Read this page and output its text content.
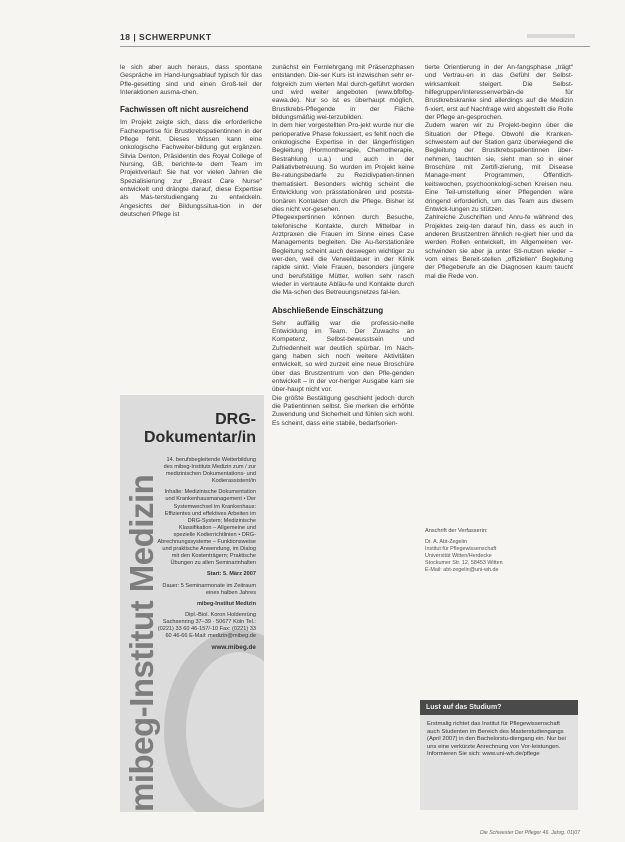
18 | SCHWERPUNKT

le sich aber auch heraus, dass spontane Gespräche im Hand-lungsablauf typisch für das Pfle-gesetting sind und einen Groß-teil der Interaktionen ausma-chen.

Fachwissen oft nicht ausreichend

Im Projekt zeigte sich, dass die erforderliche Fachexpertise für Brustkrebspatientinnen in der Pflege fehlt. Dieses Wissen kann eine onkologische Fachweiter-bildung gut ergänzen. Silvia Denton, Präsidentin des Royal College of Nursing, GB, berichte-te dem Team im Projektverlauf: Sie hat vor vielen Jahren die Spezialisierung zur „Breast Care Nurse“ entwickelt und drängte darauf, diese Expertise als Mas-terstudiengang zu entwickeln. Angesichts der Bildungssitua-tion in der deutschen Pflege ist

zunächst ein Fernlehrgang mit Präsenzphasen entstanden. Die-ser Kurs ist inzwischen sehr er-folgreich zum vierten Mal durch-geführt worden und wird weiter angeboten (www.bfbfbg-eawa.de). Nur so ist es überhaupt möglich, Brustkrebs-Pflegende in der Fläche bildungsmäßig wei-terzubilden.

In dem hier vorgestellten Pro-jekt wurde nur die perioperative Phase fokussiert, es fehlt noch die onkologische Expertise in der längerfristigen Begleitung (Hormontherapie, Chemotherapie, Bestrahlung u.a.) und auch in der Palliativbetreuung. So wurden im Projekt keine Be-ratungsbedarfe zu Rezidivpatien-tinnen thematisiert. Besonders wichtig scheint die Entwicklung von prässtationären und poststa-tionären Kontakten durch die Pflege. Bisher ist dies nicht vor-gesehen.

Pflegeexpertinnen können durch Besuche, telefonische Kontakte, durch Mittelbar in Arztpraxen die Frauen im Sinne eines Case Managements begleiten. Die Au-ßerstationäre Begleitung scheint auch deswegen wichtiger zu wer-den, weil die Verweildauer in der Klinik rapide sinkt. Viele Frauen, besonders jüngere und berufstätige Mütter, wollen sehr rasch wieder in vertraute Abläu-fe und Kontakte durch die Ma-schen des Betreuungsnetzes fal-len.

Abschließende Einschätzung

Sehr auffällig war die professio-nelle Entwicklung im Team. Der Zuwachs an Kompetenz, Selbst-bewusstsein und Zufriedenheit war deutlich spürbar. Im Nach-gang haben sich noch weitere Aktivitäten entwickelt, so wird zurzeit eine neue Broschüre über das Brustzentrum von den Pfle-genden entwickelt – in der vor-heriger Ausgabe kam sie über-haupt nicht vor.

Die größte Bestätigung geschieht jedoch durch die Patientinnen selbst. Sie merken die erhöhte Zuwendung und Sicherheit und fühlen sich wohl. Es scheint, dass eine stabile, bedarfsorien-

tierte Orientierung in der An-fangsphase „trägt“ und Vertrau-en in das Gefühl der Selbst-wirksamkeit steigert. Die Selbst-hilfegruppen/Interessenverbän-de für Brustkrebskranke sind allerdings auf die Medizin fi-xiert, erst auf Nachfrage wird abgestellt die Rolle der Pflege an-gesprochen.

Zudem waren wir zu Projekt-beginn über die Situation der Pflege. Obwohl die Kranken-schwestern auf der Station ganz überwiegend die Begleitung der Brustkrebspatientinnen über-nehmen, tauchten sie, sieht man so in einer Broschüre mit Zertifi-zierung, mit Disease Manage-ment Programmen, Öffentlich-keitswochen, psychoonkologi-schen Kreisen neu. Eine Teil-umstellung einer Pflegenden wäre dringend erforderlich, um das Team aus diesem Entwick-lungen zu stützen.

Zahlreiche Zuschriften und Anru-fe während des Projektes zeig-ten darauf hin, dass es auch in anderen Brustzentren ähnlich re-giert hier und da werden Rollen entwickelt, im Allgemeinen ver-schwinden sie aber ja unter Sti-nutzen wieder – vom eines Bereit-stellen „offiziellen“ Begleitung der Pflegeberufe an die Diagnosen kaum taucht mal die Rede von.

Anschrift der Verfasserin:
Dr. A. Abt-Zegelin
Institut für Pflegewissenschaft
Universität Witten/Herdecke
Stockumer Str. 12, 58453 Witten
E-Mail: abt-zegelin@uni-wh.de
mibeg-Institut Medizin
DRG-
Dokumentar/in

14. berufsbegleitende Weiterbildung des mibeg-Instituts Medizin zum / zur medizinischen Dokumentations- und Kodierassistent/in

Inhalte: Medizinische Dokumentation und Krankenhausmanagement • Der Systemwechsel im Krankenhaus: Effizientes und effektives Arbeiten im DRG-System; Medizinische Klassifikation – Allgemeine und spezielle Kodierrichtlinien • DRG-Abrechnungssysteme – Funktionsweise und praktische Anwendung, im Dialog mit den Kostenträgern; Praktische Übungen zu allen Seminarinhalten

Start: 5. März 2007

Dauer: 5 Seminarmonate im Zeitraum eines halben Jahres

mibeg-Institut Medizin

Dipl.-Biol. Koron Holdenrüng Sachsenring 37–39 · 50677 Köln Tel.: (0221) 33 60 46-157/-10 Fax: (0221) 33 60 46-66 E-Mail: medizin@mibeg.de

www.mibeg.de

Lust auf das Studium?
Erstmalig richtet das Institut für Pflegewissenschaft auch Studenten im Bereich des Masterstudiengangs (April 2007) in den Bachelorstu-diengang ein. Nur bei uns eine verkürzte Anrechnung von Vor-leistungen. Informieren Sie sich: www.uni-wh.de/pflege
Die Schwester Der Pfleger 46. Jahrg. 01|07
